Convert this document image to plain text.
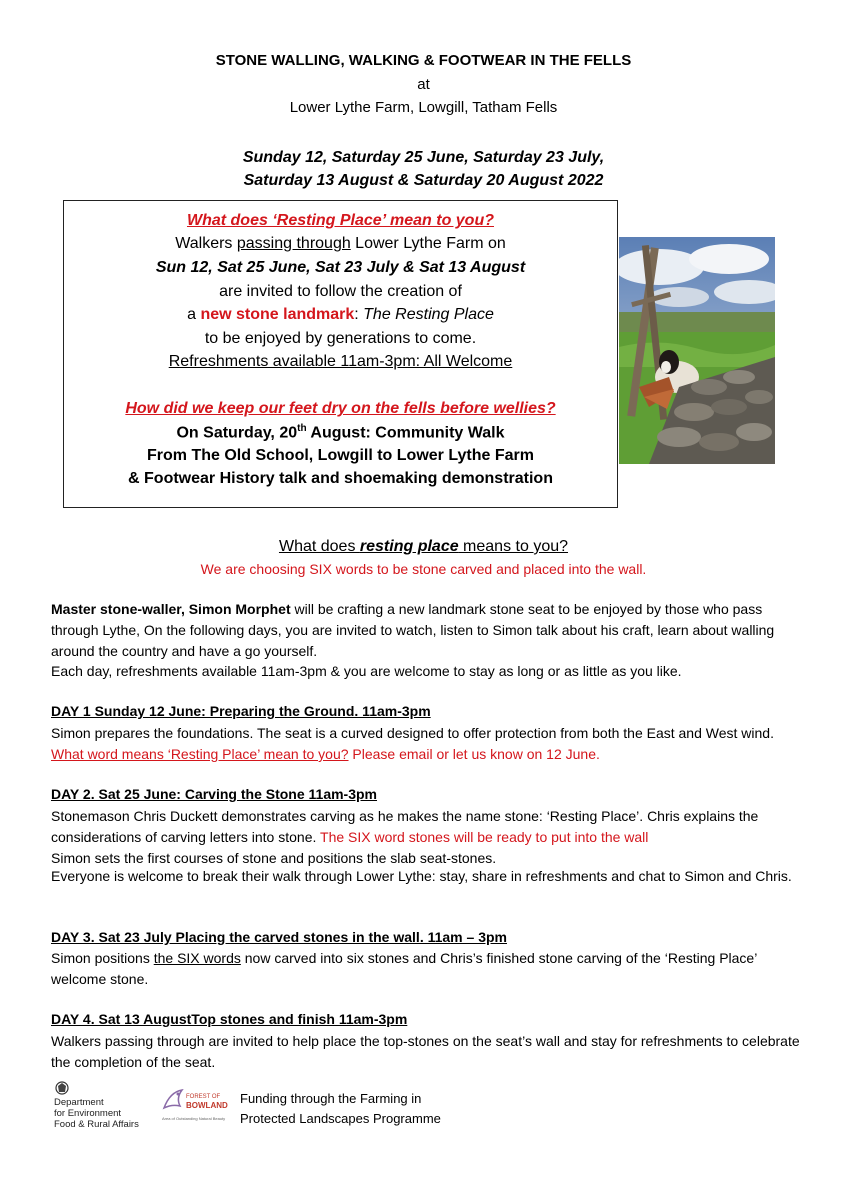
STONE WALLING, WALKING & FOOTWEAR IN THE FELLS
at
Lower Lythe Farm, Lowgill, Tatham Fells
Sunday 12, Saturday 25 June, Saturday 23 July,
Saturday 13 August & Saturday 20 August 2022
What does ‘Resting Place’ mean to you?
Walkers passing through Lower Lythe Farm on
Sun 12, Sat 25 June, Sat 23 July & Sat 13 August
are invited to follow the creation of
a new stone landmark: The Resting Place
to be enjoyed by generations to come.
Refreshments available 11am-3pm: All Welcome
How did we keep our feet dry on the fells before wellies?
On Saturday, 20th August: Community Walk
From The Old School, Lowgill to Lower Lythe Farm
& Footwear History talk and shoemaking demonstration
What does resting place means to you?
We are choosing SIX words to be stone carved and placed into the wall.
Master stone-waller, Simon Morphet will be crafting a new landmark stone seat to be enjoyed by those who pass through Lythe, On the following days, you are invited to watch, listen to Simon talk about his craft, learn about walling around the country and have a go yourself.
Each day, refreshments available 11am-3pm & you are welcome to stay as long or as little as you like.
DAY 1 Sunday 12 June: Preparing the Ground. 11am-3pm
Simon prepares the foundations. The seat is a curved designed to offer protection from both the East and West wind. What word means ‘Resting Place’ mean to you? Please email or let us know on 12 June.
DAY 2. Sat 25 June: Carving the Stone 11am-3pm
Stonemason Chris Duckett demonstrates carving as he makes the name stone: ‘Resting Place’. Chris explains the considerations of carving letters into stone. The SIX word stones will be ready to put into the wall
Simon sets the first courses of stone and positions the slab seat-stones.
Everyone is welcome to break their walk through Lower Lythe: stay, share in refreshments and chat to Simon and Chris.
DAY 3. Sat 23 July Placing the carved stones in the wall. 11am – 3pm
Simon positions the SIX words now carved into six stones and Chris’s finished stone carving of the ‘Resting Place’ welcome stone.
DAY 4. Sat 13 AugustTop stones and finish 11am-3pm
Walkers passing through are invited to help place the top-stones on the seat’s wall and stay for refreshments to celebrate the completion of the seat.
Department
for Environment
Food & Rural Affairs
FOREST OF
BOWLAND
Area of Outstanding Natural Beauty
Funding through the Farming in
Protected Landscapes Programme
